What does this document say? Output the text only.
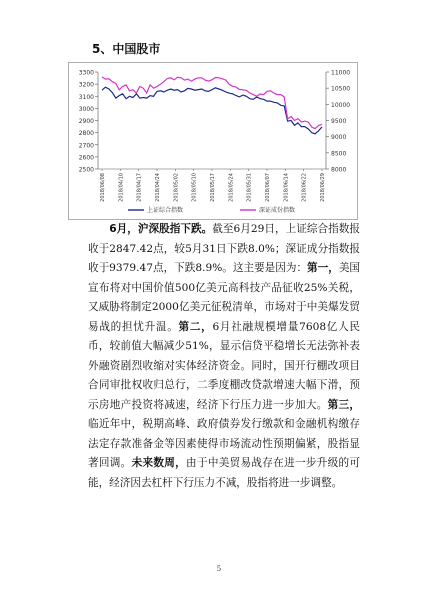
5、中国股市
3300
3200
3100
3000
2900
2800
2700
2600
2500
11000
10500
10000
9500
9000
8500
8000
2018/06/08 2018/04/10 2018/04/17 2018/04/24 2018/05/02 2018/05/10 2018/05/17 2018/05/24 2018/05/31 2018/06/07 2018/06/14 2018/06/22 2018/06/29
上证综合指数	深证成份指数

6月，沪深股指下跌。截至6月29日，上证综合指数报收于2847.42点，较5月31日下跌8.0%；深证成分指数报收于9379.47点，下跌8.9%。这主要是因为：第一，美国宣布将对中国价值500亿美元高科技产品征收25%关税，又威胁将制定2000亿美元征税清单，市场对于中美爆发贸易战的担忧升温。第二，6月社融规模增量7608亿人民币，较前值大幅减少51%，显示信贷平稳增长无法弥补表外融资剧烈收缩对实体经济资金。同时，国开行棚改项目合同审批权收归总行，二季度棚改贷款增速大幅下滑，预示房地产投资将减速，经济下行压力进一步加大。第三，临近年中，税期高峰、政府债券发行缴款和金融机构缴存法定存款准备金等因素使得市场流动性预期偏紧，股指显著回调。未来数周，由于中美贸易战存在进一步升级的可能，经济因去杠杆下行压力不减，股指将进一步调整。

5
